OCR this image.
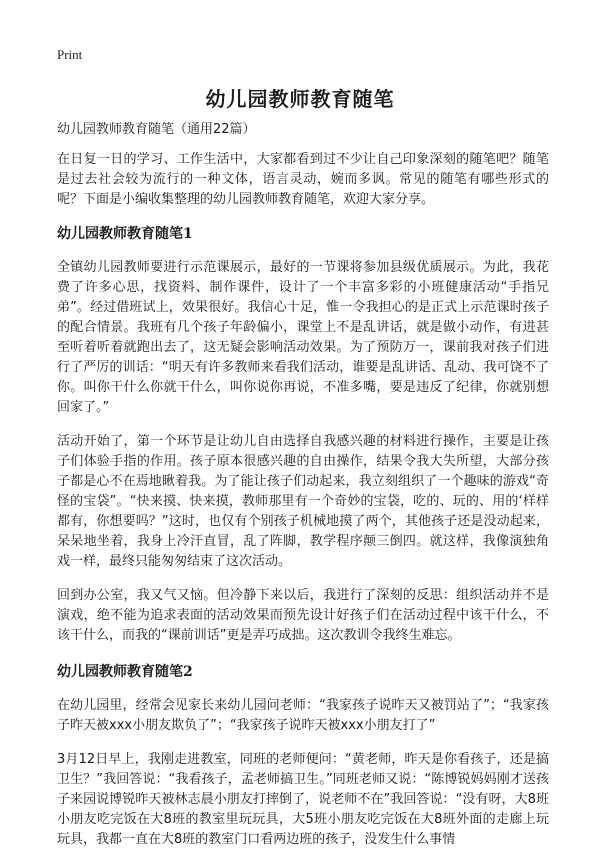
Print
幼儿园教师教育随笔

幼儿园教师教育随笔（通用22篇）

在日复一日的学习、工作生活中，大家都看到过不少让自己印象深刻的随笔吧？随笔是过去社会较为流行的一种文体，语言灵动，婉而多讽。常见的随笔有哪些形式的呢？下面是小编收集整理的幼儿园教师教育随笔，欢迎大家分享。

幼儿园教师教育随笔1

全镇幼儿园教师要进行示范课展示，最好的一节课将参加县级优质展示。为此，我花费了许多心思，找资料、制作课件，设计了一个丰富多彩的小班健康活动“手指兄弟”。经过借班试上，效果很好。我信心十足，惟一令我担心的是正式上示范课时孩子的配合情景。我班有几个孩子年龄偏小，课堂上不是乱讲话，就是做小动作，有进甚至听着听着就跑出去了，这无疑会影响活动效果。为了预防万一，课前我对孩子们进行了严厉的训话：“明天有许多教师来看我们活动，谁要是乱讲话、乱动、我可饶不了你。叫你干什么你就干什么，叫你说你再说，不准多嘴，要是违反了纪律，你就别想回家了。”

活动开始了，第一个环节是让幼儿自由选择自我感兴趣的材料进行操作，主要是让孩子们体验手指的作用。孩子原本很感兴趣的自由操作，结果令我大失所望，大部分孩子都是心不在焉地瞅着我。为了能让孩子们动起来，我立刻组织了一个趣味的游戏“奇怪的宝袋”。“快来摸、快来摸，教师那里有一个奇妙的宝袋，吃的、玩的、用的‘样样都有，你想要吗？”这时，也仅有个别孩子机械地摸了两个，其他孩子还是没动起来，呆呆地坐着，我身上冷汗直冒，乱了阵脚，教学程序颠三倒四。就这样，我像演独角戏一样，最终只能匆匆结束了这次活动。

回到办公室，我又气又恼。但冷静下来以后，我进行了深刻的反思：组织活动并不是演戏，绝不能为追求表面的活动效果而预先设计好孩子们在活动过程中该干什么，不该干什么，而我的“课前训话”更是弄巧成拙。这次教训令我终生难忘。

幼儿园教师教育随笔2

在幼儿园里，经常会见家长来幼儿园问老师：“我家孩子说昨天又被罚站了”；“我家孩子昨天被xxx小朋友欺负了”；“我家孩子说昨天被xxx小朋友打了”

3月12日早上，我刚走进教室，同班的老师便问：“黄老师，昨天是你看孩子，还是搞卫生？”我回答说：“我看孩子，孟老师搞卫生。”同班老师又说：“陈博锐妈妈刚才送孩子来园说博锐昨天被林志晨小朋友打摔倒了，说老师不在”我回答说：“没有呀，大8班小朋友吃完饭在大8班的教室里玩玩具，大5班小朋友吃完饭在大8班外面的走廊上玩玩具，我都一直在大8班的教室门口看两边班的孩子，没发生什么事情
